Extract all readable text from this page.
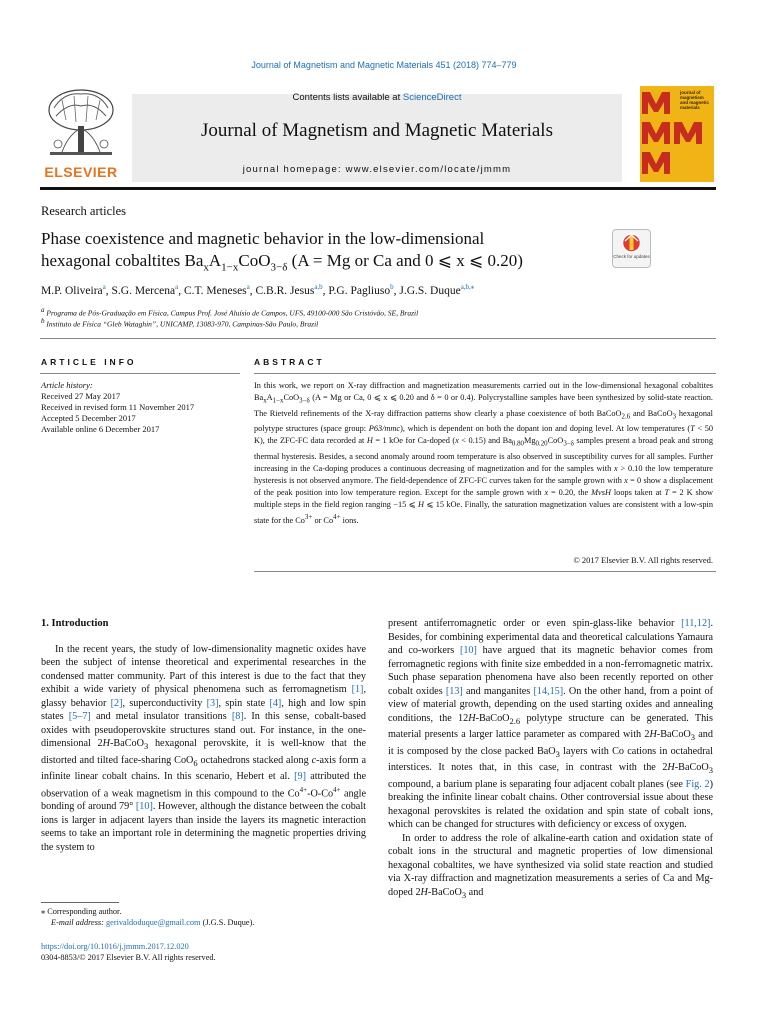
Journal of Magnetism and Magnetic Materials 451 (2018) 774–779
ELSEVIER
Contents lists available at ScienceDirect
Journal of Magnetism and Magnetic Materials
journal homepage: www.elsevier.com/locate/jmmm
journal of magnetism and magnetic materials
Research articles
Phase coexistence and magnetic behavior in the low-dimensional
hexagonal cobaltites $Ba_xA_{1-x}CoO_{3-\delta}$ (A = Mg or Ca and 0 ⩽ x ⩽ 0.20)	Check for updates
M.P. Oliveira$^a$, S.G. Mercena$^a$, C.T. Meneses$^a$, C.B.R. Jesus$^{a,b}$, P.G. Pagliuso$^b$, J.G.S. Duque$^{a,b,⁎}$
$^a$ Programa de Pós-Graduação em Física, Campus Prof. José Aluísio de Campos, UFS, 49100-000 São Cristóvão, SE, Brazil
$^b$ Instituto de Física “Gleb Wataghin”, UNICAMP, 13083-970, Campinas-São Paulo, Brazil
ARTICLE INFO	ABSTRACT
Article history:
Received 27 May 2017
Received in revised form 11 November 2017
Accepted 5 December 2017
Available online 6 December 2017
In this work, we report on X-ray diffraction and magnetization measurements carried out in the low-dimensional hexagonal cobaltites $Ba_xA_{1-x}CoO_{3-\delta}$ (A = Mg or Ca, 0 ⩽ x ⩽ 0.20 and δ = 0 or 0.4). Polycrystalline samples have been synthesized by solid-state reaction. The Rietveld refinements of the X-ray diffraction patterns show clearly a phase coexistence of both BaCoO$_{2.6}$ and BaCoO$_3$ hexagonal polytype structures (space group: P63/mmc), which is dependent on both the dopant ion and doping level. At low temperatures (T < 50 K), the ZFC-FC data recorded at H = 1 kOe for Ca-doped (x < 0.15) and $Ba_{0.80}Mg_{0.20}CoO_{3-\delta}$ samples present a broad peak and strong thermal hysteresis. Besides, a second anomaly around room temperature is also observed in susceptibility curves for all samples. Further increasing in the Ca-doping produces a continuous decreasing of magnetization and for the samples with x > 0.10 the low temperature hysteresis is not observed anymore. The field-dependence of ZFC-FC curves taken for the sample grown with x = 0 show a displacement of the peak position into low temperature region. Except for the sample grown with x = 0.20, the MvsH loops taken at T = 2 K show multiple steps in the field region ranging −15 ⩽ H ⩽ 15 kOe. Finally, the saturation magnetization values are consistent with a low-spin state for the $Co^{3+}$ or $Co^{4+}$ ions.
© 2017 Elsevier B.V. All rights reserved.
1. Introduction

In the recent years, the study of low-dimensionality magnetic oxides have been the subject of intense theoretical and experimental researches in the condensed matter community. Part of this interest is due to the fact that they exhibit a wide variety of physical phenomena such as ferromagnetism [1], glassy behavior [2], superconductivity [3], spin state [4], high and low spin states [5–7] and metal insulator transitions [8]. In this sense, cobalt-based oxides with pseudoperovskite structures stand out. For instance, in the one-dimensional 2H-BaCoO$_3$ hexagonal perovskite, it is well-know that the distorted and tilted face-sharing CoO$_6$ octahedrons stacked along c-axis form a infinite linear cobalt chains. In this scenario, Hebert et al. [9] attributed the observation of a weak magnetism in this compound to the $Co^{4+}-O-Co^{4+}$ angle bonding of around 79° [10]. However, although the distance between the cobalt ions is larger in adjacent layers than inside the layers its magnetic interaction seems to take an important role in determining the magnetic properties driving the system to

present antiferromagnetic order or even spin-glass-like behavior [11,12]. Besides, for combining experimental data and theoretical calculations Yamaura and co-workers [10] have argued that its magnetic behavior comes from ferromagnetic regions with finite size embedded in a non-ferromagnetic matrix. Such phase separation phenomena have also been recently reported on other cobalt oxides [13] and manganites [14,15]. On the other hand, from a point of view of material growth, depending on the used starting oxides and annealing conditions, the 12H-BaCoO$_{2.6}$ polytype structure can be generated. This material presents a larger lattice parameter as compared with 2H-BaCoO$_3$ and it is composed by the close packed BaO$_3$ layers with Co cations in octahedral interstices. It notes that, in this case, in contrast with the 2H-BaCoO$_3$ compound, a barium plane is separating four adjacent cobalt planes (see Fig. 2) breaking the infinite linear cobalt chains. Other controversial issue about these hexagonal perovskites is related the oxidation and spin state of cobalt ions, which can be changed for structures with deficiency or excess of oxygen.

In order to address the role of alkaline-earth cation and oxidation state of cobalt ions in the structural and magnetic properties of low dimensional hexagonal cobaltites, we have synthesized via solid state reaction and studied via X-ray diffraction and magnetization measurements a series of Ca and Mg-doped 2H-BaCoO$_3$ and

⁎ Corresponding author.
E-mail address: gerivaldoduque@gmail.com (J.G.S. Duque).
https://doi.org/10.1016/j.jmmm.2017.12.020
0304-8853/© 2017 Elsevier B.V. All rights reserved.
